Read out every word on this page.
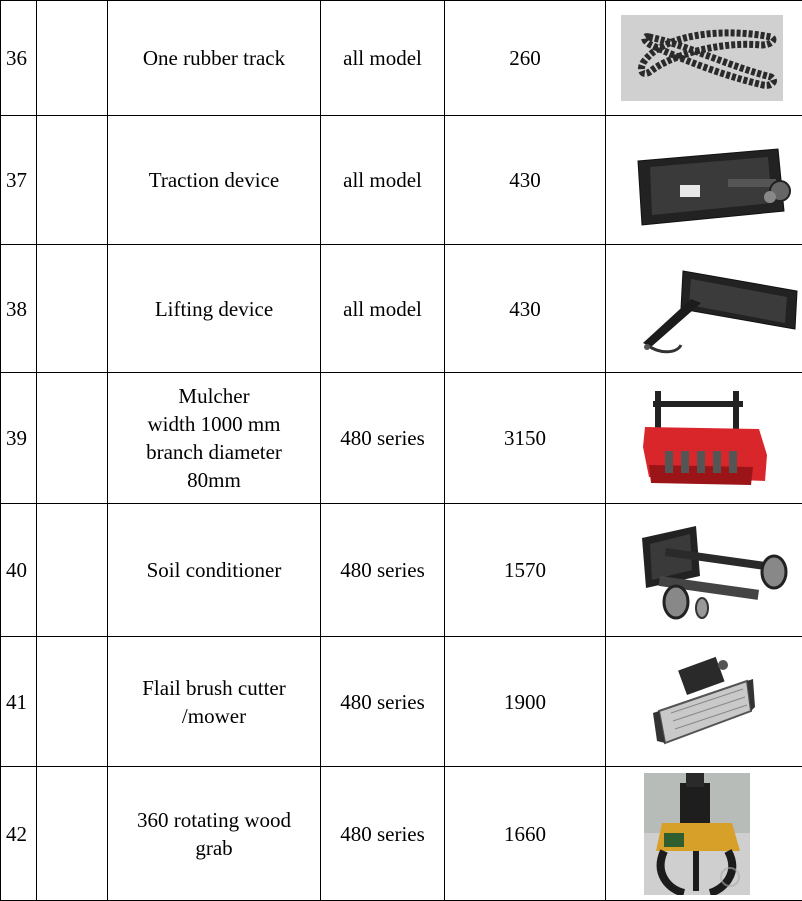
36		One rubber track	all model	260	

37		Traction device	all model	430	

38		Lifting device	all model	430	

39		Mulcher
width 1000 mm
branch diameter
80mm	480 series	3150	

40		Soil conditioner	480 series	1570	

41		Flail brush cutter
/mower	480 series	1900	

42		360 rotating wood
grab	480 series	1660	
